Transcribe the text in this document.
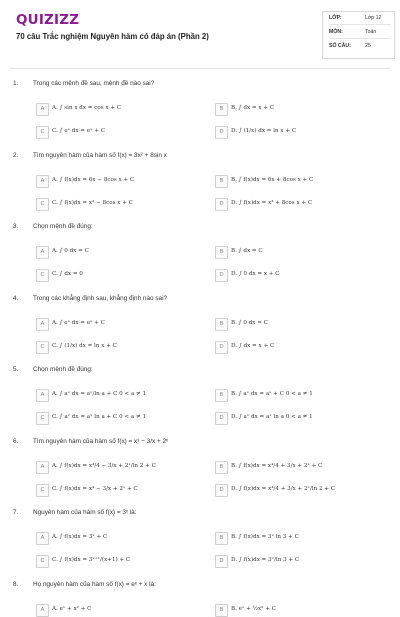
QUIZIZZ
70 câu Trắc nghiệm Nguyên hàm có đáp án (Phần 2)
LỚP:	Lớp 12
MÔN:	Toán
SỐ CÂU:	25
1. Trong các mệnh đề sau, mệnh đề nào sai?
A	A. ∫ sin x dx = cos x + C	B	B. ∫ dx = x + C
C	C. ∫ eˣ dx = eˣ + C	D	D. ∫ (1/x) dx = ln x + C
2. Tìm nguyên hàm của hàm số f(x) = 3x² + 8sin x
A	A. ∫ f(x)dx = 6x − 8cos x + C	B	B. ∫ f(x)dx = 6x + 8cos x + C
C	C. ∫ f(x)dx = x³ − 8cos x + C	D	D. ∫ f(x)dx = x³ + 8cos x + C
3. Chọn mệnh đề đúng:
A	A. ∫ 0 dx = C	B	B. ∫ dx = C
C	C. ∫ dx = 0	D	D. ∫ 0 dx = x + C
4. Trong các khẳng định sau, khẳng định nào sai?
A	A. ∫ eˣ dx = eˣ + C	B	B. ∫ 0 dx = C
C	C. ∫ (1/x) dx = ln x + C	D	D. ∫ dx = x + C
5. Chọn mệnh đề đúng:
A	A. ∫ aˣ dx = aˣ/ln a + C 0 < a ≠ 1	B	B. ∫ aˣ dx = aˣ + C 0 < a ≠ 1
C	C. ∫ aˣ dx = aˣ ln a + C 0 < a ≠ 1	D	D. ∫ aˣ dx = aˣ ln a 0 < a ≠ 1
6. Tìm nguyên hàm của hàm số f(x) = x³ − 3/x + 2ˣ
A	A. ∫ f(x)dx = x⁴/4 − 3/x + 2ˣ/ln 2 + C	B	B. ∫ f(x)dx = x⁴/4 + 3/x + 2ˣ + C
C	C. ∫ f(x)dx = x⁴ − 3/x + 2ˣ + C	D	D. ∫ f(x)dx = x⁴/4 + 3/x + 2ˣ/ln 2 + C
7. Nguyên hàm của hàm số f(x) = 3ˣ là:
A	A. ∫ f(x)dx = 3ˣ + C	B	B. ∫ f(x)dx = 3ˣ ln 3 + C
C	C. ∫ f(x)dx = 3ˣ⁺¹/(x+1) + C	D	D. ∫ f(x)dx = 3ˣ/ln 3 + C
8. Họ nguyên hàm của hàm số f(x) = eˣ + x là:
A	A. eˣ + x² + C	B	B. eˣ + ½x² + C
